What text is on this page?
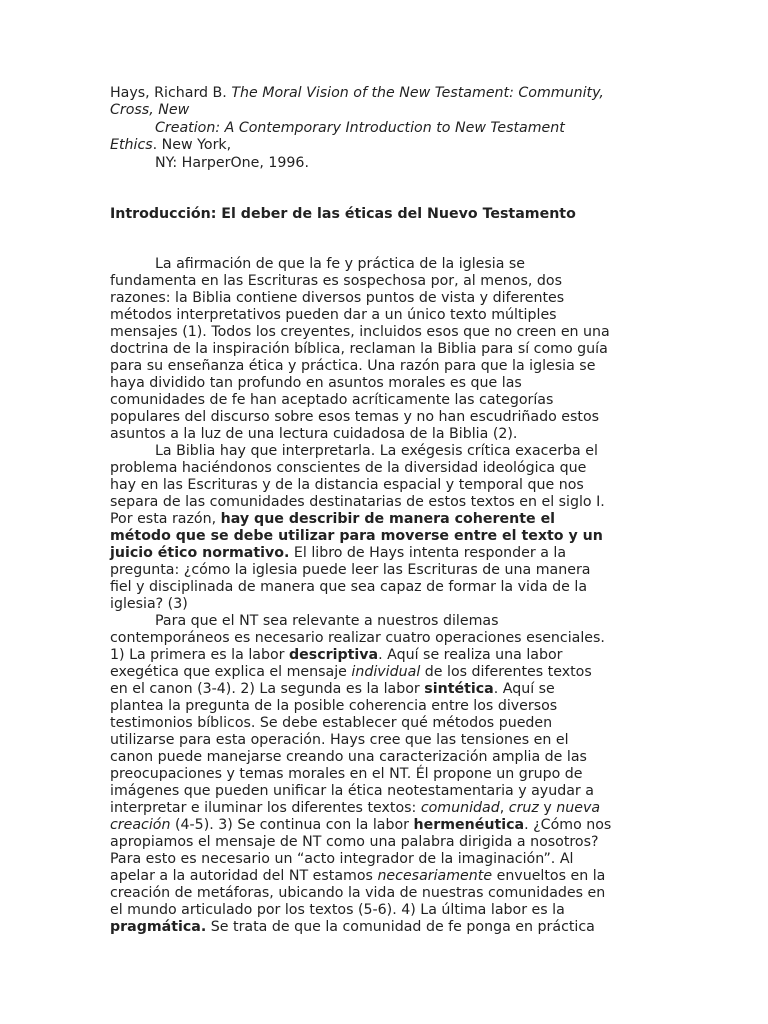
Hays, Richard B. The Moral Vision of the New Testament: Community,
Cross, New
Creation: A Contemporary Introduction to New Testament
Ethics. New York,
NY: HarperOne, 1996.
Introducción: El deber de las éticas del Nuevo Testamento
La afirmación de que la fe y práctica de la iglesia se
fundamenta en las Escrituras es sospechosa por, al menos, dos
razones: la Biblia contiene diversos puntos de vista y diferentes
métodos interpretativos pueden dar a un único texto múltiples
mensajes (1). Todos los creyentes, incluidos esos que no creen en una
doctrina de la inspiración bíblica, reclaman la Biblia para sí como guía
para su enseñanza ética y práctica. Una razón para que la iglesia se
haya dividido tan profundo en asuntos morales es que las
comunidades de fe han aceptado acríticamente las categorías
populares del discurso sobre esos temas y no han escudriñado estos
asuntos a la luz de una lectura cuidadosa de la Biblia (2).
La Biblia hay que interpretarla. La exégesis crítica exacerba el
problema haciéndonos conscientes de la diversidad ideológica que
hay en las Escrituras y de la distancia espacial y temporal que nos
separa de las comunidades destinatarias de estos textos en el siglo I.
Por esta razón, hay que describir de manera coherente el
método que se debe utilizar para moverse entre el texto y un
juicio ético normativo. El libro de Hays intenta responder a la
pregunta: ¿cómo la iglesia puede leer las Escrituras de una manera
fiel y disciplinada de manera que sea capaz de formar la vida de la
iglesia? (3)
Para que el NT sea relevante a nuestros dilemas
contemporáneos es necesario realizar cuatro operaciones esenciales.
1) La primera es la labor descriptiva. Aquí se realiza una labor
exegética que explica el mensaje individual de los diferentes textos
en el canon (3-4). 2) La segunda es la labor sintética. Aquí se
plantea la pregunta de la posible coherencia entre los diversos
testimonios bíblicos. Se debe establecer qué métodos pueden
utilizarse para esta operación. Hays cree que las tensiones en el
canon puede manejarse creando una caracterización amplia de las
preocupaciones y temas morales en el NT. Él propone un grupo de
imágenes que pueden unificar la ética neotestamentaria y ayudar a
interpretar e iluminar los diferentes textos: comunidad, cruz y nueva
creación (4-5). 3) Se continua con la labor hermenéutica. ¿Cómo nos
apropiamos el mensaje de NT como una palabra dirigida a nosotros?
Para esto es necesario un “acto integrador de la imaginación”. Al
apelar a la autoridad del NT estamos necesariamente envueltos en la
creación de metáforas, ubicando la vida de nuestras comunidades en
el mundo articulado por los textos (5-6). 4) La última labor es la
pragmática. Se trata de que la comunidad de fe ponga en práctica
